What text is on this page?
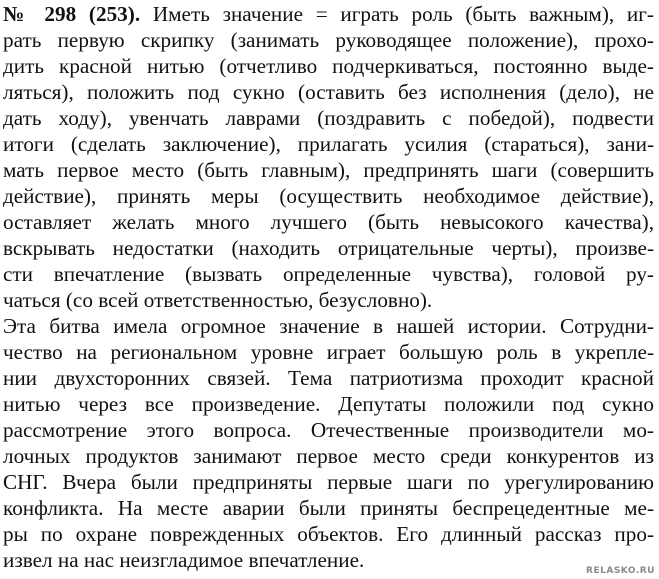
№ 298 (253). Иметь значение = играть роль (быть важным), иг-
рать первую скрипку (занимать руководящее положение), прохо-
дить красной нитью (отчетливо подчеркиваться, постоянно выде-
ляться), положить под сукно (оставить без исполнения (дело), не
дать ходу), увенчать лаврами (поздравить с победой), подвести
итоги (сделать заключение), прилагать усилия (стараться), зани-
мать первое место (быть главным), предпринять шаги (совершить
действие), принять меры (осуществить необходимое действие),
оставляет желать много лучшего (быть невысокого качества),
вскрывать недостатки (находить отрицательные черты), произве-
сти впечатление (вызвать определенные чувства), головой ру-
чаться (со всей ответственностью, безусловно).
Эта битва имела огромное значение в нашей истории. Сотрудни-
чество на региональном уровне играет большую роль в укрепле-
нии двухсторонних связей. Тема патриотизма проходит красной
нитью через все произведение. Депутаты положили под сукно
рассмотрение этого вопроса. Отечественные производители мо-
лочных продуктов занимают первое место среди конкурентов из
СНГ. Вчера были предприняты первые шаги по урегулированию
конфликта. На месте аварии были приняты беспрецедентные ме-
ры по охране поврежденных объектов. Его длинный рассказ про-
извел на нас неизгладимое впечатление.	RELASKO.RU
